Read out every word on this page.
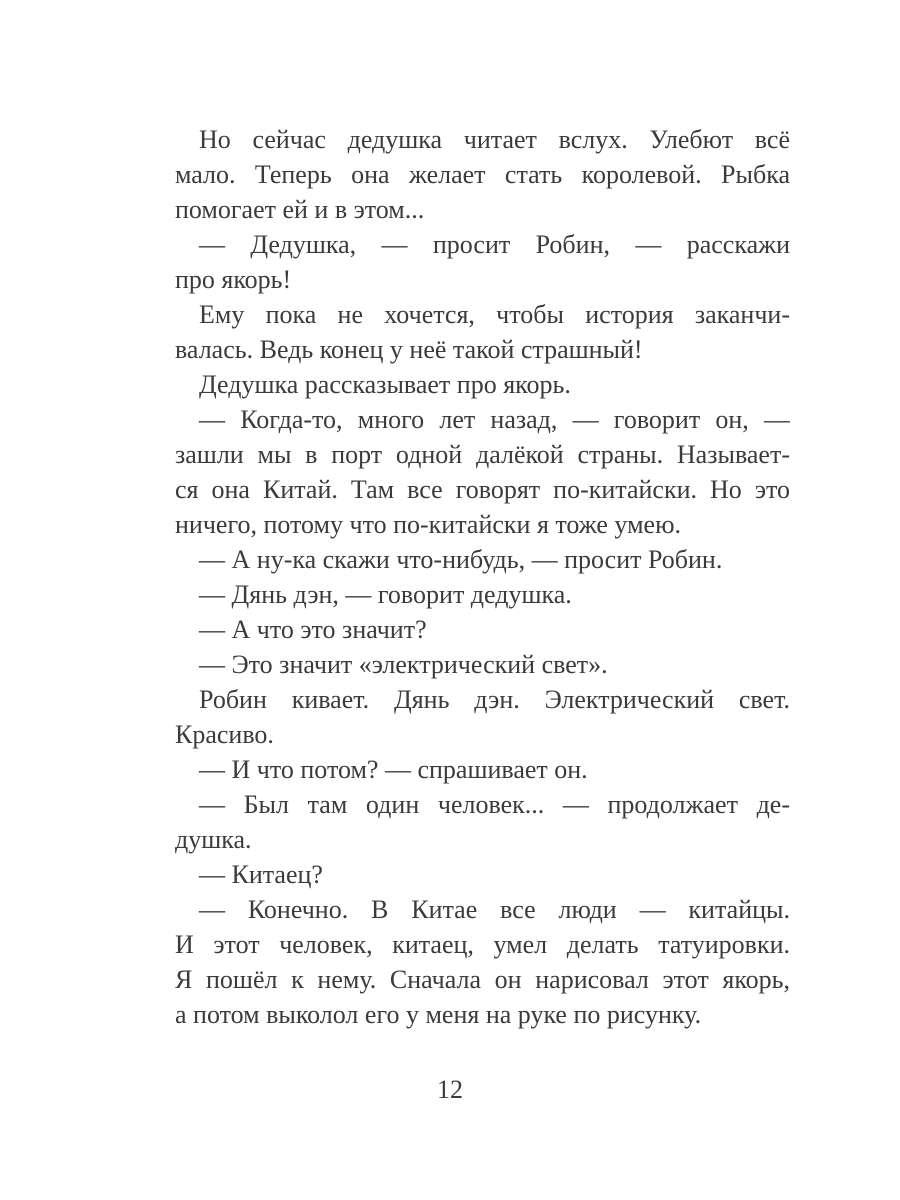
Но сейчас дедушка читает вслух. Улебют всё
мало. Теперь она желает стать королевой. Рыбка
помогает ей и в этом...
— Дедушка, — просит Робин, — расскажи
про якорь!
Ему пока не хочется, чтобы история заканчи-
валась. Ведь конец у неё такой страшный!
Дедушка рассказывает про якорь.
— Когда-то, много лет назад, — говорит он, —
зашли мы в порт одной далёкой страны. Называет-
ся она Китай. Там все говорят по-китайски. Но это
ничего, потому что по-китайски я тоже умею.
— А ну-ка скажи что-нибудь, — просит Робин.
— Дянь дэн, — говорит дедушка.
— А что это значит?
— Это значит «электрический свет».
Робин кивает. Дянь дэн. Электрический свет.
Красиво.
— И что потом? — спрашивает он.
— Был там один человек... — продолжает де-
душка.
— Китаец?
— Конечно. В Китае все люди — китайцы.
И этот человек, китаец, умел делать татуировки.
Я пошёл к нему. Сначала он нарисовал этот якорь,
а потом выколол его у меня на руке по рисунку.
12
